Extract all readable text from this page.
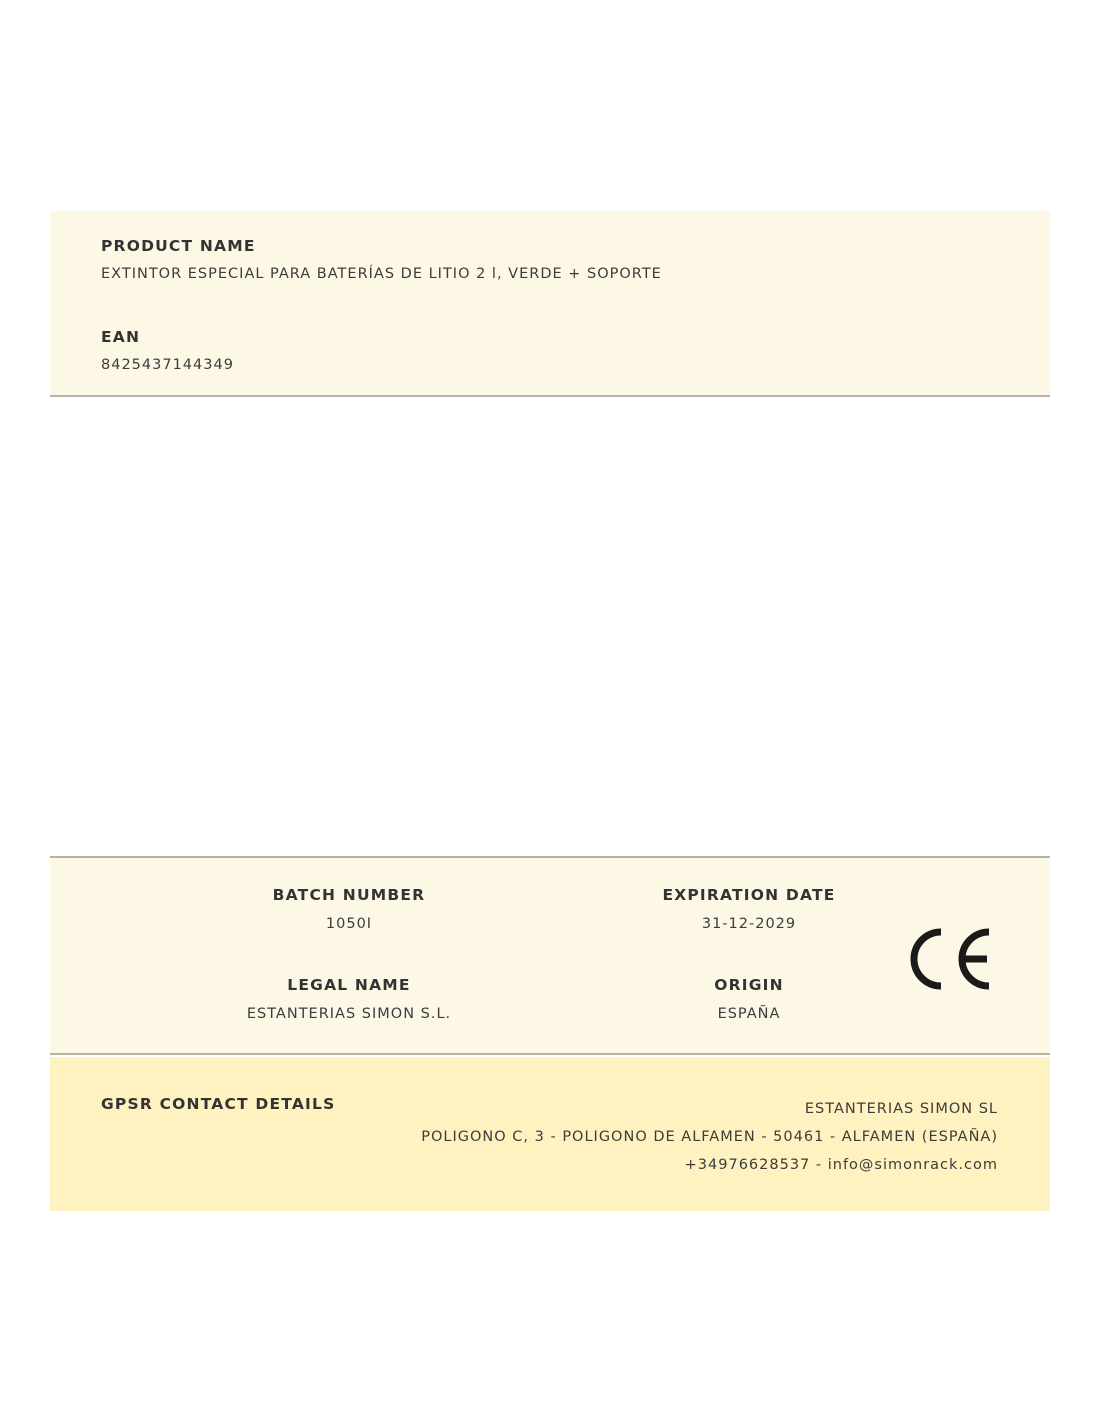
PRODUCT NAME
EXTINTOR ESPECIAL PARA BATERÍAS DE LITIO 2 l, VERDE + SOPORTE
EAN
8425437144349
BATCH NUMBER
1050I
EXPIRATION DATE
31-12-2029
LEGAL NAME
ESTANTERIAS SIMON S.L.
ORIGIN
ESPAÑA
GPSR CONTACT DETAILS	ESTANTERIAS SIMON SL
POLIGONO C, 3 - POLIGONO DE ALFAMEN - 50461 - ALFAMEN (ESPAÑA)
+34976628537 - info@simonrack.com
